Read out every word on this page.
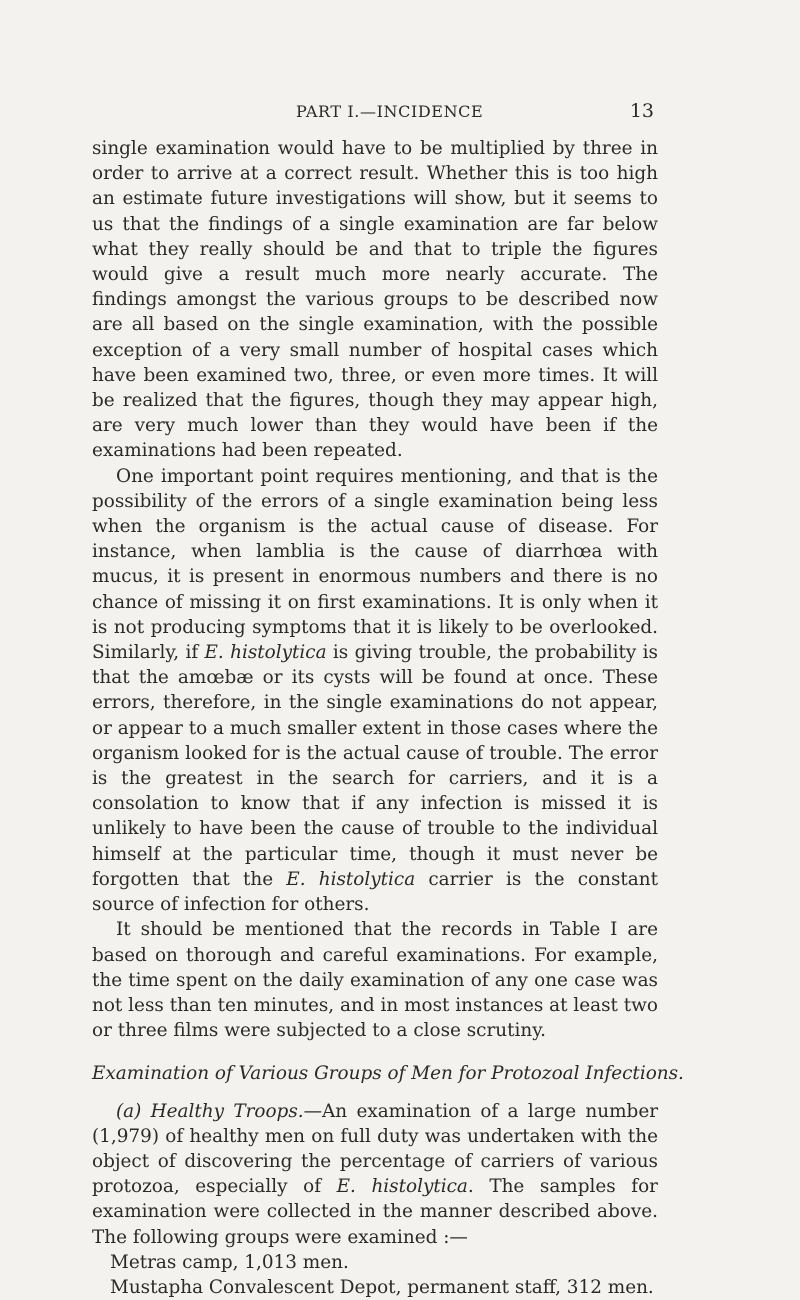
PART I.—INCIDENCE	13

single examination would have to be multiplied by three in order to arrive at a correct result. Whether this is too high an estimate future investigations will show, but it seems to us that the findings of a single examination are far below what they really should be and that to triple the figures would give a result much more nearly accurate. The findings amongst the various groups to be described now are all based on the single examination, with the possible exception of a very small number of hospital cases which have been examined two, three, or even more times. It will be realized that the figures, though they may appear high, are very much lower than they would have been if the examinations had been repeated.

One important point requires mentioning, and that is the possibility of the errors of a single examination being less when the organism is the actual cause of disease. For instance, when lamblia is the cause of diarrhœa with mucus, it is present in enormous numbers and there is no chance of missing it on first examinations. It is only when it is not producing symptoms that it is likely to be overlooked. Similarly, if E. histolytica is giving trouble, the probability is that the amœbæ or its cysts will be found at once. These errors, therefore, in the single examinations do not appear, or appear to a much smaller extent in those cases where the organism looked for is the actual cause of trouble. The error is the greatest in the search for carriers, and it is a consolation to know that if any infection is missed it is unlikely to have been the cause of trouble to the individual himself at the particular time, though it must never be forgotten that the E. histolytica carrier is the constant source of infection for others.

It should be mentioned that the records in Table I are based on thorough and careful examinations. For example, the time spent on the daily examination of any one case was not less than ten minutes, and in most instances at least two or three films were subjected to a close scrutiny.

Examination of Various Groups of Men for Protozoal Infections.

(a) Healthy Troops.—An examination of a large number (1,979) of healthy men on full duty was undertaken with the object of discovering the percentage of carriers of various protozoa, especially of E. histolytica. The samples for examination were collected in the manner described above. The following groups were examined :—

Metras camp, 1,013 men.

Mustapha Convalescent Depot, permanent staff, 312 men.
